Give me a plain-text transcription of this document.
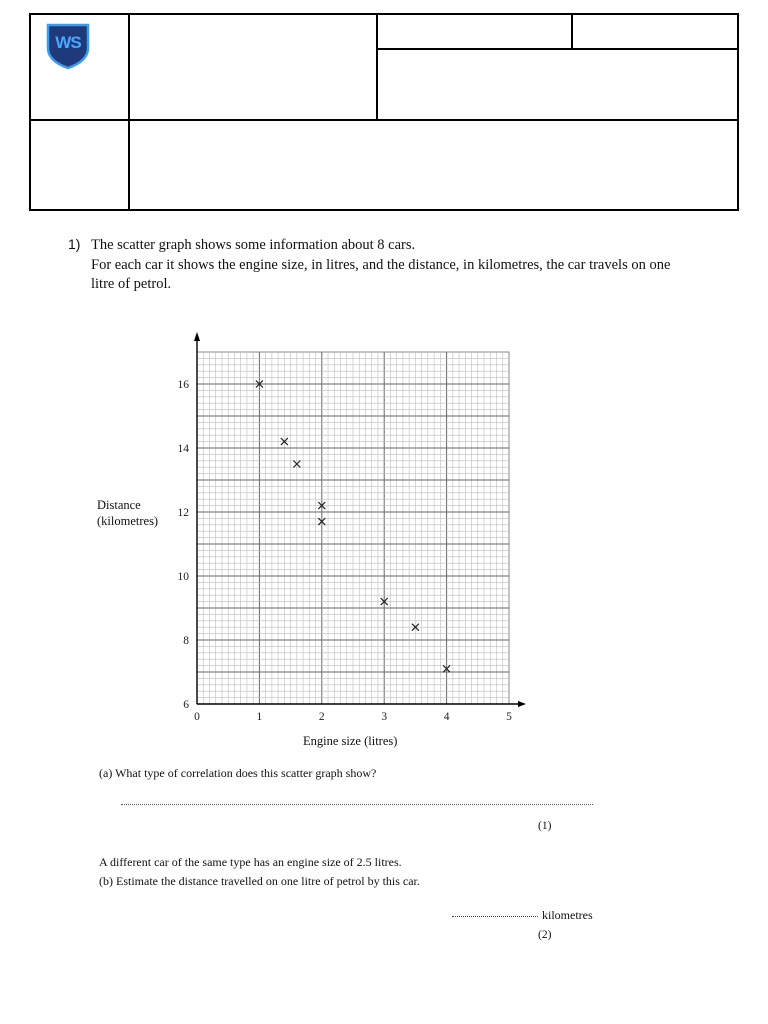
WS

1) The scatter graph shows some information about 8 cars.
For each car it shows the engine size, in litres, and the distance, in kilometres, the car travels on one
litre of petrol.
0	1	2	3	4	5
6
8
10
12
14
16
Distance
(kilometres)
Engine size (litres)
(a) What type of correlation does this scatter graph show?
(1)
A different car of the same type has an engine size of 2.5 litres.
(b) Estimate the distance travelled on one litre of petrol by this car.
kilometres
(2)
